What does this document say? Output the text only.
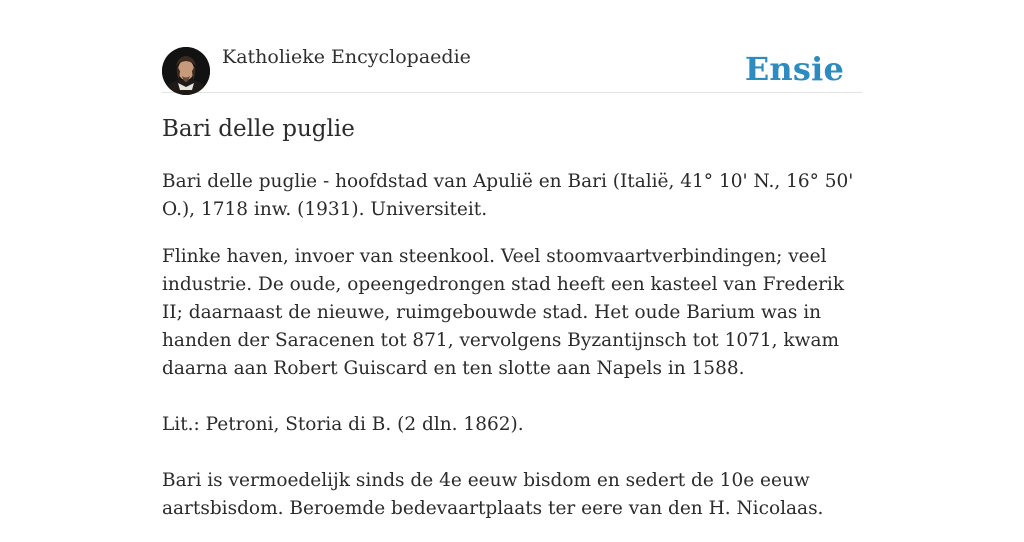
Katholieke Encyclopaedie	Ensie
Bari delle puglie

Bari delle puglie - hoofdstad van Apulië en Bari (Italië, 41° 10' N., 16° 50' O.), 1718 inw. (1931). Universiteit.

Flinke haven, invoer van steenkool. Veel stoomvaartverbindingen; veel industrie. De oude, opeengedrongen stad heeft een kasteel van Frederik II; daarnaast de nieuwe, ruimgebouwde stad. Het oude Barium was in handen der Saracenen tot 871, vervolgens Byzantijnsch tot 1071, kwam daarna aan Robert Guiscard en ten slotte aan Napels in 1588.

Lit.: Petroni, Storia di B. (2 dln. 1862).

Bari is vermoedelijk sinds de 4e eeuw bisdom en sedert de 10e eeuw aartsbisdom. Beroemde bedevaartplaats ter eere van den H. Nicolaas.
